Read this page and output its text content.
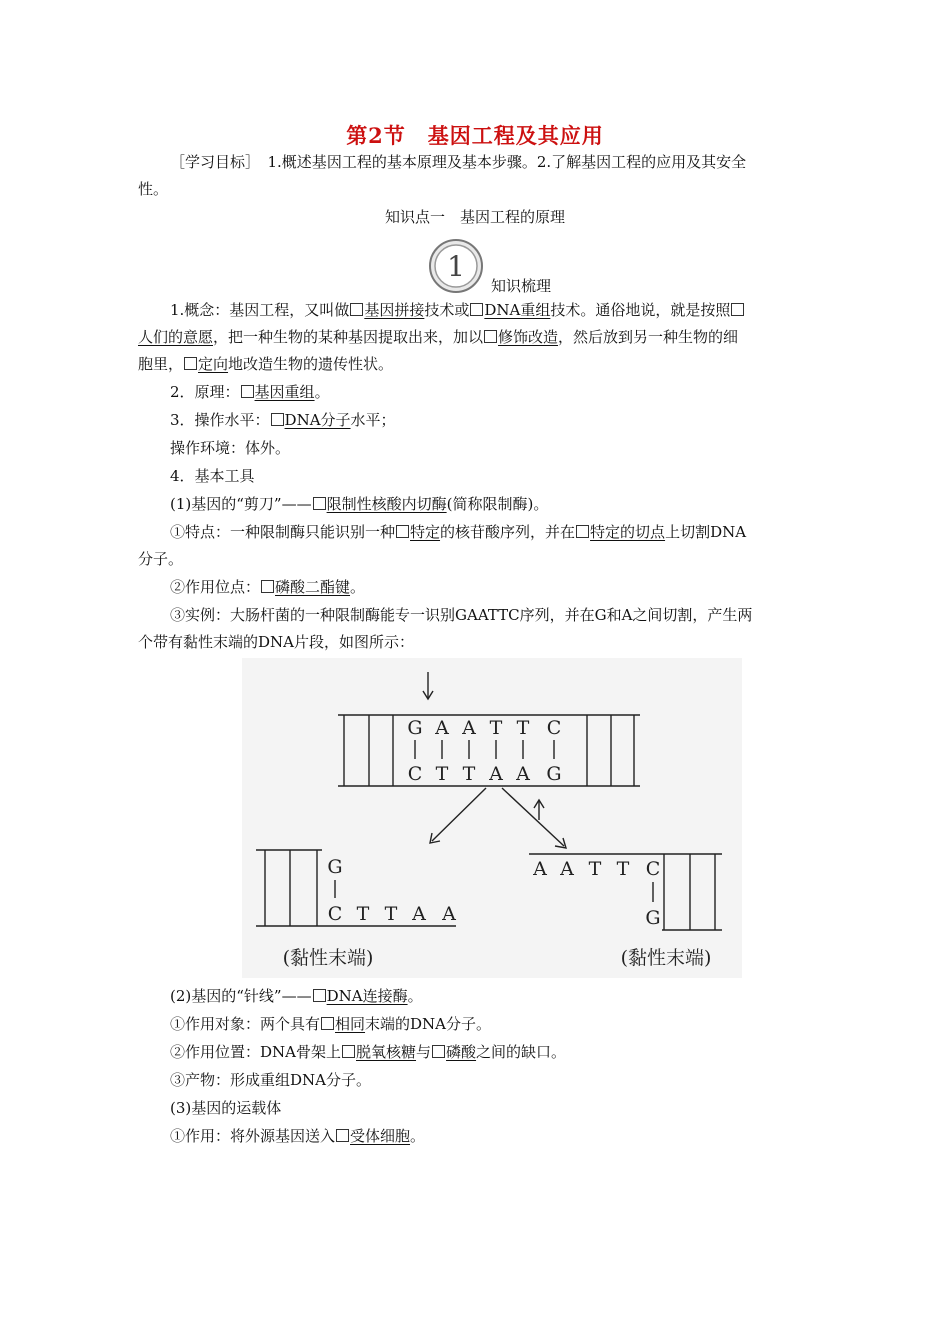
第2节　基因工程及其应用
［学习目标］　1.概述基因工程的基本原理及基本步骤。2.了解基因工程的应用及其安全
性。
知识点一　基因工程的原理
1
知识梳理
1.概念：基因工程，又叫做 基因拼接技术或 DNA重组技术。通俗地说，就是按照
人们的意愿，把一种生物的某种基因提取出来，加以 修饰改造，然后放到另一种生物的细
胞里， 定向地改造生物的遗传性状。
2．原理： 基因重组。
3．操作水平： DNA分子水平；
操作环境：体外。
4．基本工具
(1)基因的“剪刀”—— 限制性核酸内切酶(简称限制酶)。
①特点：一种限制酶只能识别一种 特定的核苷酸序列，并在 特定的切点上切割DNA
分子。
②作用位点： 磷酸二酯键。
③实例：大肠杆菌的一种限制酶能专一识别GAATTC序列，并在G和A之间切割，产生两
个带有黏性末端的DNA片段，如图所示：
G A A T T C
C T T A A G
G
C T T A A
A A T T C
G
(黏性末端)	(黏性末端)
(2)基因的“针线”—— DNA连接酶。
①作用对象：两个具有 相同末端的DNA分子。
②作用位置：DNA骨架上 脱氧核糖与 磷酸之间的缺口。
③产物：形成重组DNA分子。
(3)基因的运载体
①作用：将外源基因送入 受体细胞。
